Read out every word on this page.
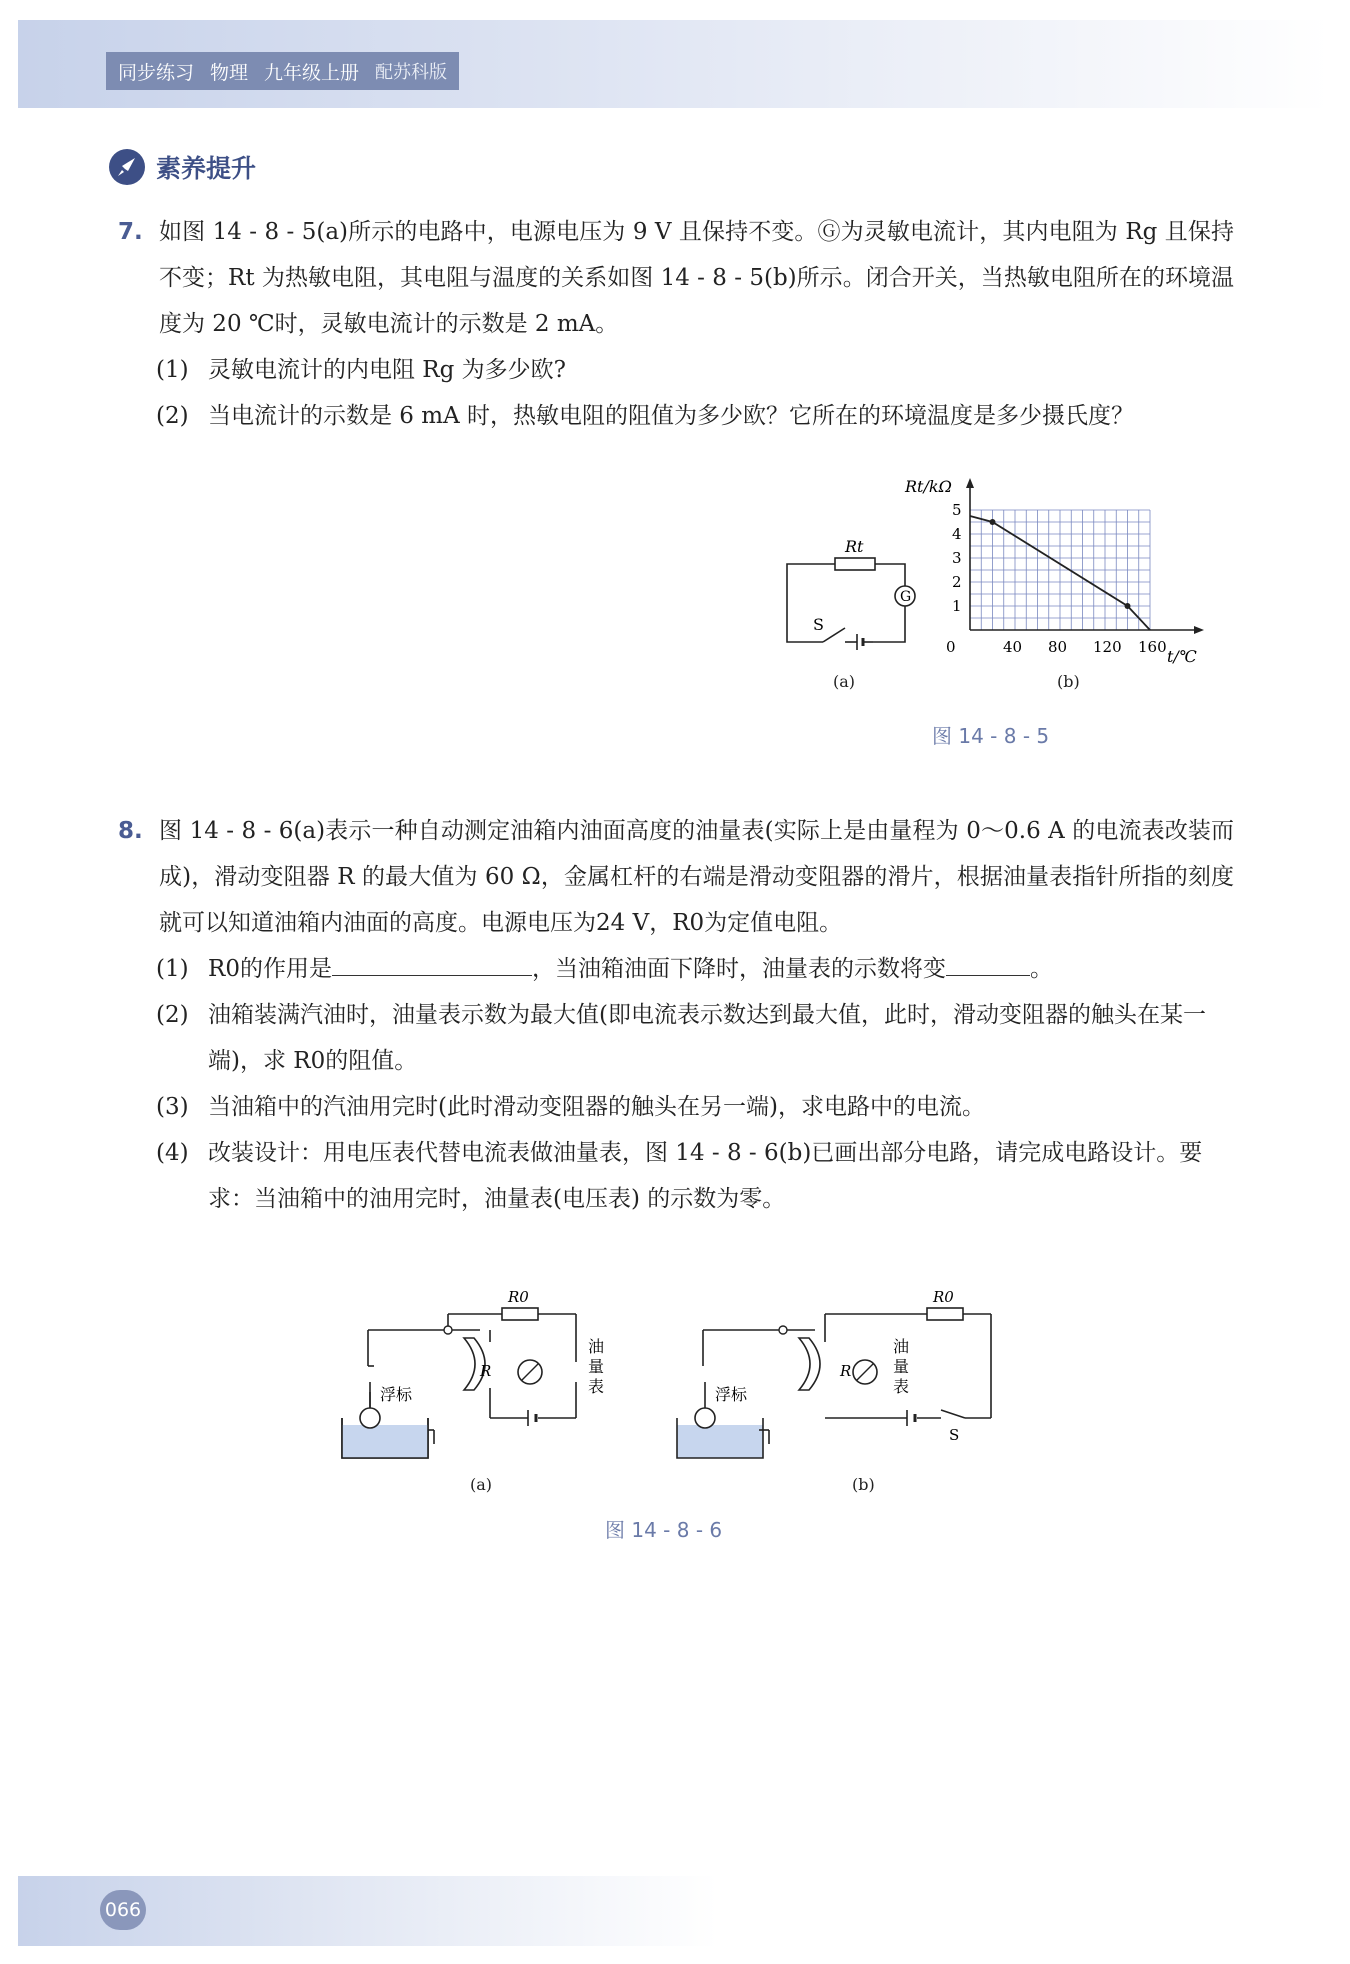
同步练习 物理 九年级上册 配苏科版
素养提升
7. 如图 14 - 8 - 5(a)所示的电路中，电源电压为 9 V 且保持不变。Ⓖ为灵敏电流计，其内电阻为 Rg 且保持不变；Rt 为热敏电阻，其电阻与温度的关系如图 14 - 8 - 5(b)所示。闭合开关，当热敏电阻所在的环境温度为 20 ℃时，灵敏电流计的示数是 2 mA。
(1) 灵敏电流计的内电阻 Rg 为多少欧?
(2) 当电流计的示数是 6 mA 时，热敏电阻的阻值为多少欧？它所在的环境温度是多少摄氏度？
G
Rt
S
(a)
0	40 80 120 160
1
2
3
4
5
Rt/kΩ
t/℃
(b)
图 14 - 8 - 5
8. 图 14 - 8 - 6(a)表示一种自动测定油箱内油面高度的油量表(实际上是由量程为 0～0.6 A 的电流表改装而成)，滑动变阻器 R 的最大值为 60 Ω，金属杠杆的右端是滑动变阻器的滑片，根据油量表指针所指的刻度就可以知道油箱内油面的高度。电源电压为24 V，R0为定值电阻。
(1) R0的作用是	，当油箱油面下降时，油量表的示数将变	。
(2) 油箱装满汽油时，油量表示数为最大值(即电流表示数达到最大值，此时，滑动变阻器的触头在某一端)，求 R0的阻值。
(3) 当油箱中的汽油用完时(此时滑动变阻器的触头在另一端)，求电路中的电流。
(4) 改装设计：用电压表代替电流表做油量表，图 14 - 8 - 6(b)已画出部分电路，请完成电路设计。要求：当油箱中的油用完时，油量表(电压表) 的示数为零。
R0
R
浮标
油
量
表
(a)
R0
R
浮标
油
量
表
S
(b)
图 14 - 8 - 6
066
